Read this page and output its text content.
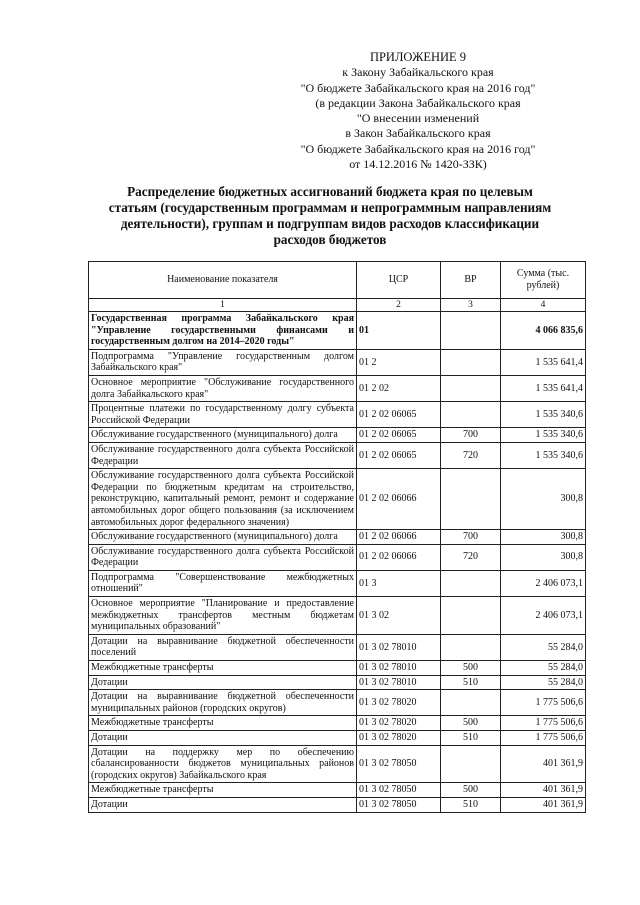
ПРИЛОЖЕНИЕ 9
к Закону Забайкальского края
"О бюджете Забайкальского края на 2016 год"
(в редакции Закона Забайкальского края
"О внесении изменений
в Закон Забайкальского края
"О бюджете Забайкальского края на 2016 год"
от 14.12.2016 № 1420-ЗЗК)
Распределение бюджетных ассигнований бюджета края по целевым
статьям (государственным программам и непрограммным направлениям
деятельности), группам и подгруппам видов расходов классификации
расходов бюджетов
Наименование показателя	ЦСР	ВР	Сумма (тыс. рублей)
1	2	3	4
Государственная программа Забайкальского края "Управление государственными финансами и государственным долгом на 2014–2020 годы"	01		4 066 835,6
Подпрограмма "Управление государственным долгом Забайкальского края"	01 2		1 535 641,4
Основное мероприятие "Обслуживание государственного долга Забайкальского края"	01 2 02		1 535 641,4
Процентные платежи по государственному долгу субъекта Российской Федерации	01 2 02 06065		1 535 340,6
Обслуживание государственного (муниципального) долга	01 2 02 06065	700	1 535 340,6
Обслуживание государственного долга субъекта Российской Федерации	01 2 02 06065	720	1 535 340,6
Обслуживание государственного долга субъекта Российской Федерации по бюджетным кредитам на строительство, реконструкцию, капитальный ремонт, ремонт и содержание автомобильных дорог общего пользования (за исключением автомобильных дорог федерального значения)	01 2 02 06066		300,8
Обслуживание государственного (муниципального) долга	01 2 02 06066	700	300,8
Обслуживание государственного долга субъекта Российской Федерации	01 2 02 06066	720	300,8
Подпрограмма "Совершенствование межбюджетных отношений"	01 3		2 406 073,1
Основное мероприятие "Планирование и предоставление межбюджетных трансфертов местным бюджетам муниципальных образований"	01 3 02		2 406 073,1
Дотации на выравнивание бюджетной обеспеченности поселений	01 3 02 78010		55 284,0
Межбюджетные трансферты	01 3 02 78010	500	55 284,0
Дотации	01 3 02 78010	510	55 284,0
Дотации на выравнивание бюджетной обеспеченности муниципальных районов (городских округов)	01 3 02 78020		1 775 506,6
Межбюджетные трансферты	01 3 02 78020	500	1 775 506,6
Дотации	01 3 02 78020	510	1 775 506,6
Дотации на поддержку мер по обеспечению сбалансированности бюджетов муниципальных районов (городских округов) Забайкальского края	01 3 02 78050		401 361,9
Межбюджетные трансферты	01 3 02 78050	500	401 361,9
Дотации	01 3 02 78050	510	401 361,9
